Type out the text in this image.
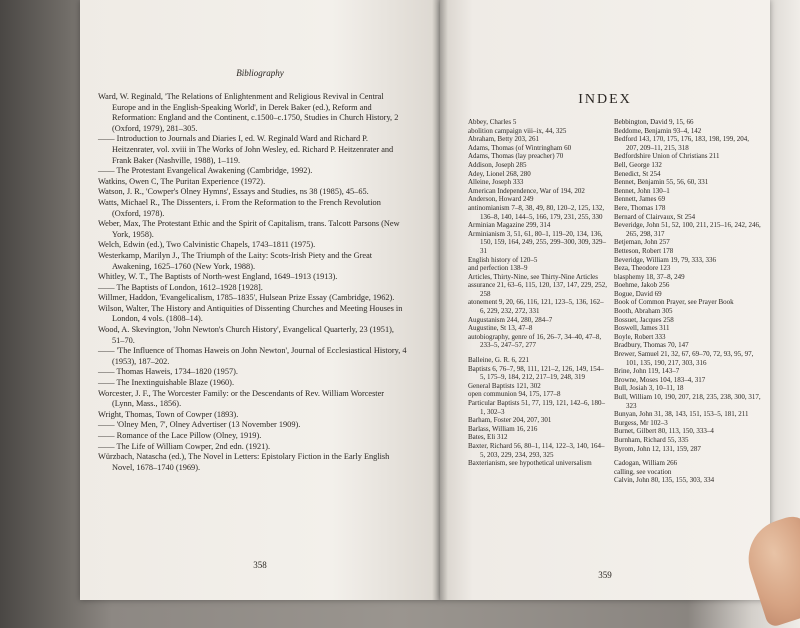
Bibliography

Ward, W. Reginald, 'The Relations of Enlightenment and Religious Revival in Central Europe and in the English-Speaking World', in Derek Baker (ed.), Reform and Reformation: England and the Continent, c.1500–c.1750, Studies in Church History, 2 (Oxford, 1979), 281–305.

—— Introduction to Journals and Diaries I, ed. W. Reginald Ward and Richard P. Heitzenrater, vol. xviii in The Works of John Wesley, ed. Richard P. Heitzenrater and Frank Baker (Nashville, 1988), 1–119.

—— The Protestant Evangelical Awakening (Cambridge, 1992).

Watkins, Owen C, The Puritan Experience (1972).

Watson, J. R., 'Cowper's Olney Hymns', Essays and Studies, ns 38 (1985), 45–65.

Watts, Michael R., The Dissenters, i. From the Reformation to the French Revolution (Oxford, 1978).

Weber, Max, The Protestant Ethic and the Spirit of Capitalism, trans. Talcott Parsons (New York, 1958).

Welch, Edwin (ed.), Two Calvinistic Chapels, 1743–1811 (1975).

Westerkamp, Marilyn J., The Triumph of the Laity: Scots-Irish Piety and the Great Awakening, 1625–1760 (New York, 1988).

Whitley, W. T., The Baptists of North-west England, 1649–1913 (1913).

—— The Baptists of London, 1612–1928 [1928].

Willmer, Haddon, 'Evangelicalism, 1785–1835', Hulsean Prize Essay (Cambridge, 1962).

Wilson, Walter, The History and Antiquities of Dissenting Churches and Meeting Houses in London, 4 vols. (1808–14).

Wood, A. Skevington, 'John Newton's Church History', Evangelical Quarterly, 23 (1951), 51–70.

—— 'The Influence of Thomas Haweis on John Newton', Journal of Ecclesiastical History, 4 (1953), 187–202.

—— Thomas Haweis, 1734–1820 (1957).

—— The Inextinguishable Blaze (1960).

Worcester, J. F., The Worcester Family: or the Descendants of Rev. William Worcester (Lynn, Mass., 1856).

Wright, Thomas, Town of Cowper (1893).

—— 'Olney Men, 7', Olney Advertiser (13 November 1909).

—— Romance of the Lace Pillow (Olney, 1919).

—— The Life of William Cowper, 2nd edn. (1921).

Würzbach, Natascha (ed.), The Novel in Letters: Epistolary Fiction in the Early English Novel, 1678–1740 (1969).

358
INDEX

Abbey, Charles 5

abolition campaign viii–ix, 44, 325

Abraham, Betty 203, 261

Adams, Thomas (of Wintringham 60

Adams, Thomas (lay preacher) 70

Addison, Joseph 285

Adey, Lionel 268, 280

Alleine, Joseph 333

American Independence, War of 194, 202

Anderson, Howard 249

antinomianism 7–8, 38, 49, 80, 120–2, 125, 132, 136–8, 140, 144–5, 166, 179, 231, 255, 330

Arminian Magazine 299, 314

Arminianism 3, 51, 61, 80–1, 119–20, 134, 136, 150, 159, 164, 249, 255, 299–300, 309, 329–31

English history of 120–5

and perfection 138–9

Articles, Thirty-Nine, see Thirty-Nine Articles

assurance 21, 63–6, 115, 120, 137, 147, 229, 252, 258

atonement 9, 20, 66, 116, 121, 123–5, 136, 162–6, 229, 232, 272, 331

Augustanism 244, 280, 284–7

Augustine, St 13, 47–8

autobiography, genre of 16, 26–7, 34–40, 47–8, 233–5, 247–57, 277

Balleine, G. R. 6, 221

Baptists 6, 76–7, 98, 111, 121–2, 126, 149, 154–5, 175–9, 184, 212, 217–19, 248, 319

General Baptists 121, 302

open communion 94, 175, 177–8

Particular Baptists 51, 77, 119, 121, 142–6, 180–1, 302–3

Barham, Foster 204, 207, 301

Barlass, William 16, 216

Bates, Eli 312

Baxter, Richard 56, 80–1, 114, 122–3, 140, 164–5, 203, 229, 234, 293, 325

Baxterianism, see hypothetical universalism

Bebbington, David 9, 15, 66

Beddome, Benjamin 93–4, 142

Bedford 143, 170, 175, 176, 183, 198, 199, 204, 207, 209–11, 215, 318

Bedfordshire Union of Christians 211

Bell, George 132

Benedict, St 254

Bennet, Benjamin 55, 56, 60, 331

Bennet, John 130–1

Bennett, James 69

Bere, Thomas 178

Bernard of Clairvaux, St 254

Beveridge, John 51, 52, 100, 211, 215–16, 242, 246, 265, 298, 317

Betjeman, John 257

Betteson, Robert 178

Beveridge, William 19, 79, 333, 336

Beza, Theodore 123

blasphemy 18, 37–8, 249

Boehme, Jakob 256

Bogue, David 69

Book of Common Prayer, see Prayer Book

Booth, Abraham 305

Bossuet, Jacques 258

Boswell, James 311

Boyle, Robert 333

Bradbury, Thomas 70, 147

Brewer, Samuel 21, 32, 67, 69–70, 72, 93, 95, 97, 101, 135, 190, 217, 303, 316

Brine, John 119, 143–7

Browne, Moses 104, 183–4, 317

Bull, Josiah 3, 10–11, 18

Bull, William 10, 190, 207, 218, 235, 238, 300, 317, 323

Bunyan, John 31, 38, 143, 151, 153–5, 181, 211

Burgess, Mr 102–3

Burnet, Gilbert 80, 113, 150, 333–4

Burnham, Richard 55, 335

Byrom, John 12, 131, 159, 287

Cadogan, William 266

calling, see vocation

Calvin, John 80, 135, 155, 303, 334

359
